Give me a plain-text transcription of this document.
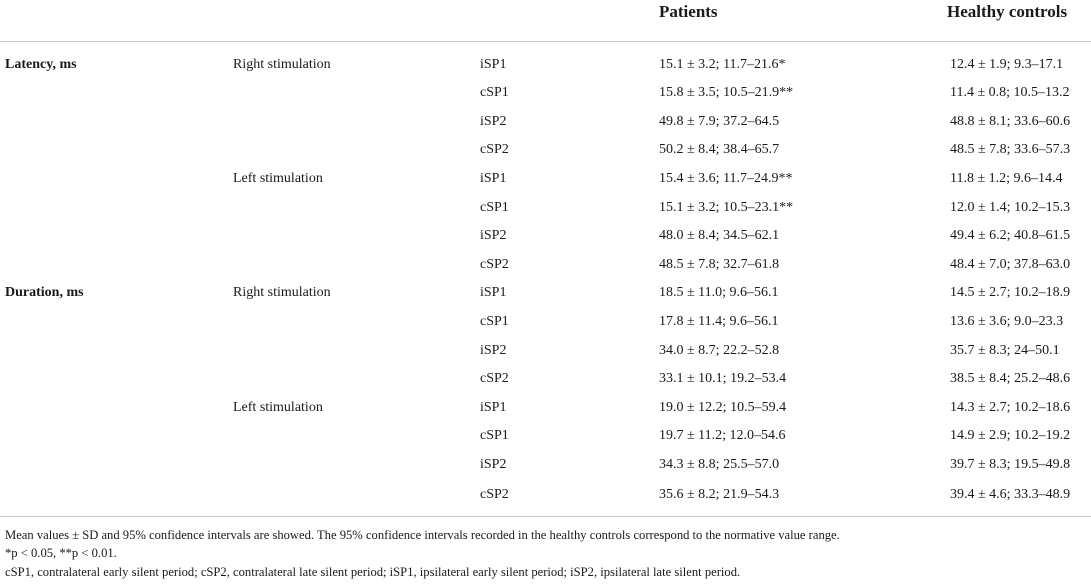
			Patients	Healthy controls
Latency, ms	Right stimulation	iSP1	15.1 ± 3.2; 11.7–21.6*	12.4 ± 1.9; 9.3–17.1
		cSP1	15.8 ± 3.5; 10.5–21.9**	11.4 ± 0.8; 10.5–13.2
		iSP2	49.8 ± 7.9; 37.2–64.5	48.8 ± 8.1; 33.6–60.6
		cSP2	50.2 ± 8.4; 38.4–65.7	48.5 ± 7.8; 33.6–57.3
	Left stimulation	iSP1	15.4 ± 3.6; 11.7–24.9**	11.8 ± 1.2; 9.6–14.4
		cSP1	15.1 ± 3.2; 10.5–23.1**	12.0 ± 1.4; 10.2–15.3
		iSP2	48.0 ± 8.4; 34.5–62.1	49.4 ± 6.2; 40.8–61.5
		cSP2	48.5 ± 7.8; 32.7–61.8	48.4 ± 7.0; 37.8–63.0
Duration, ms	Right stimulation	iSP1	18.5 ± 11.0; 9.6–56.1	14.5 ± 2.7; 10.2–18.9
		cSP1	17.8 ± 11.4; 9.6–56.1	13.6 ± 3.6; 9.0–23.3
		iSP2	34.0 ± 8.7; 22.2–52.8	35.7 ± 8.3; 24–50.1
		cSP2	33.1 ± 10.1; 19.2–53.4	38.5 ± 8.4; 25.2–48.6
	Left stimulation	iSP1	19.0 ± 12.2; 10.5–59.4	14.3 ± 2.7; 10.2–18.6
		cSP1	19.7 ± 11.2; 12.0–54.6	14.9 ± 2.9; 10.2–19.2
		iSP2	34.3 ± 8.8; 25.5–57.0	39.7 ± 8.3; 19.5–49.8
		cSP2	35.6 ± 8.2; 21.9–54.3	39.4 ± 4.6; 33.3–48.9

Mean values ± SD and 95% confidence intervals are showed. The 95% confidence intervals recorded in the healthy controls correspond to the normative value range.

*p < 0.05, **p < 0.01.

cSP1, contralateral early silent period; cSP2, contralateral late silent period; iSP1, ipsilateral early silent period; iSP2, ipsilateral late silent period.
